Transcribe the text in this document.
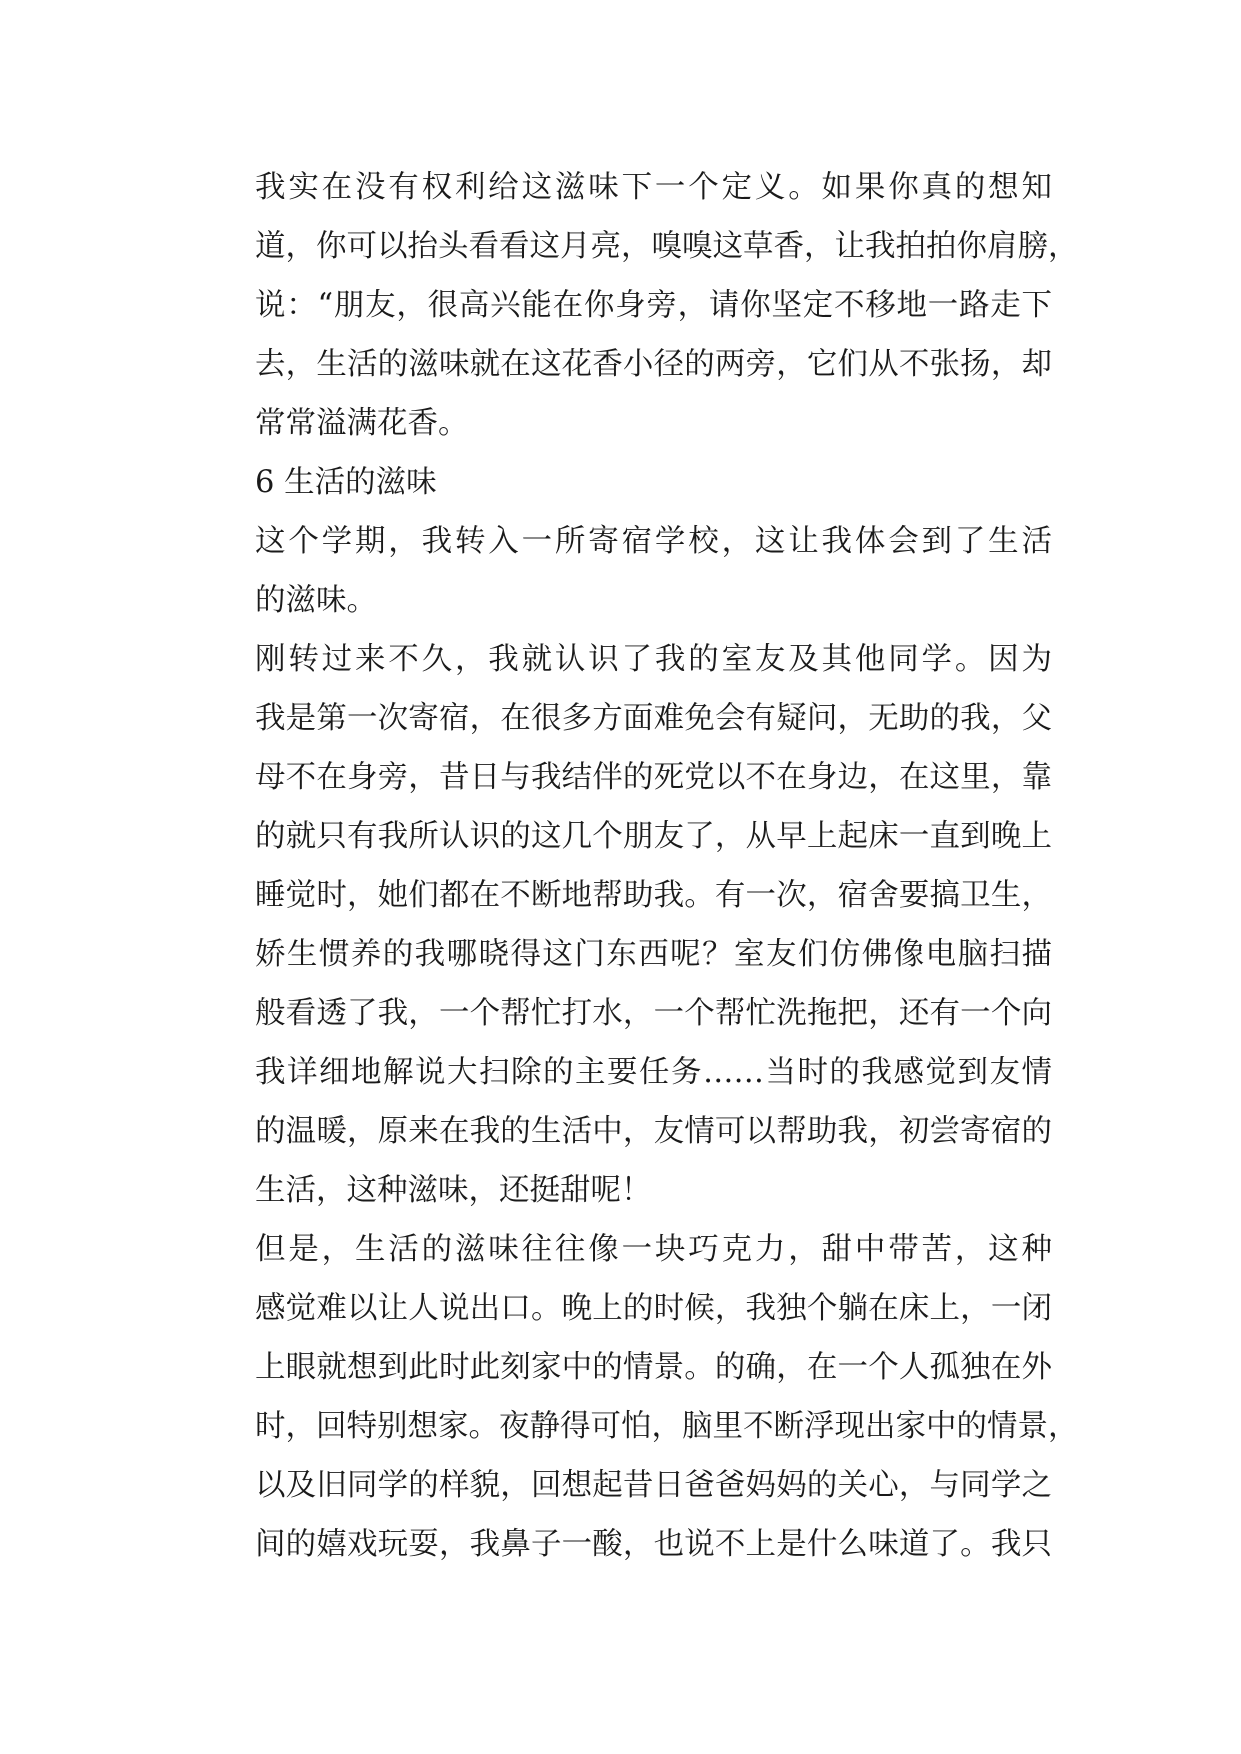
我实在没有权利给这滋味下一个定义。如果你真的想知
道，你可以抬头看看这月亮，嗅嗅这草香，让我拍拍你肩膀，
说：“朋友，很高兴能在你身旁，请你坚定不移地一路走下
去，生活的滋味就在这花香小径的两旁，它们从不张扬，却
常常溢满花香。

6 生活的滋味

这个学期，我转入一所寄宿学校，这让我体会到了生活
的滋味。

刚转过来不久，我就认识了我的室友及其他同学。因为
我是第一次寄宿，在很多方面难免会有疑问，无助的我，父
母不在身旁，昔日与我结伴的死党以不在身边，在这里，靠
的就只有我所认识的这几个朋友了，从早上起床一直到晚上
睡觉时，她们都在不断地帮助我。有一次，宿舍要搞卫生，
娇生惯养的我哪晓得这门东西呢？室友们仿佛像电脑扫描
般看透了我，一个帮忙打水，一个帮忙洗拖把，还有一个向
我详细地解说大扫除的主要任务……当时的我感觉到友情
的温暖，原来在我的生活中，友情可以帮助我，初尝寄宿的
生活，这种滋味，还挺甜呢！

但是，生活的滋味往往像一块巧克力，甜中带苦，这种
感觉难以让人说出口。晚上的时候，我独个躺在床上，一闭
上眼就想到此时此刻家中的情景。的确，在一个人孤独在外
时，回特别想家。夜静得可怕，脑里不断浮现出家中的情景，
以及旧同学的样貌，回想起昔日爸爸妈妈的关心，与同学之
间的嬉戏玩耍，我鼻子一酸，也说不上是什么味道了。我只
